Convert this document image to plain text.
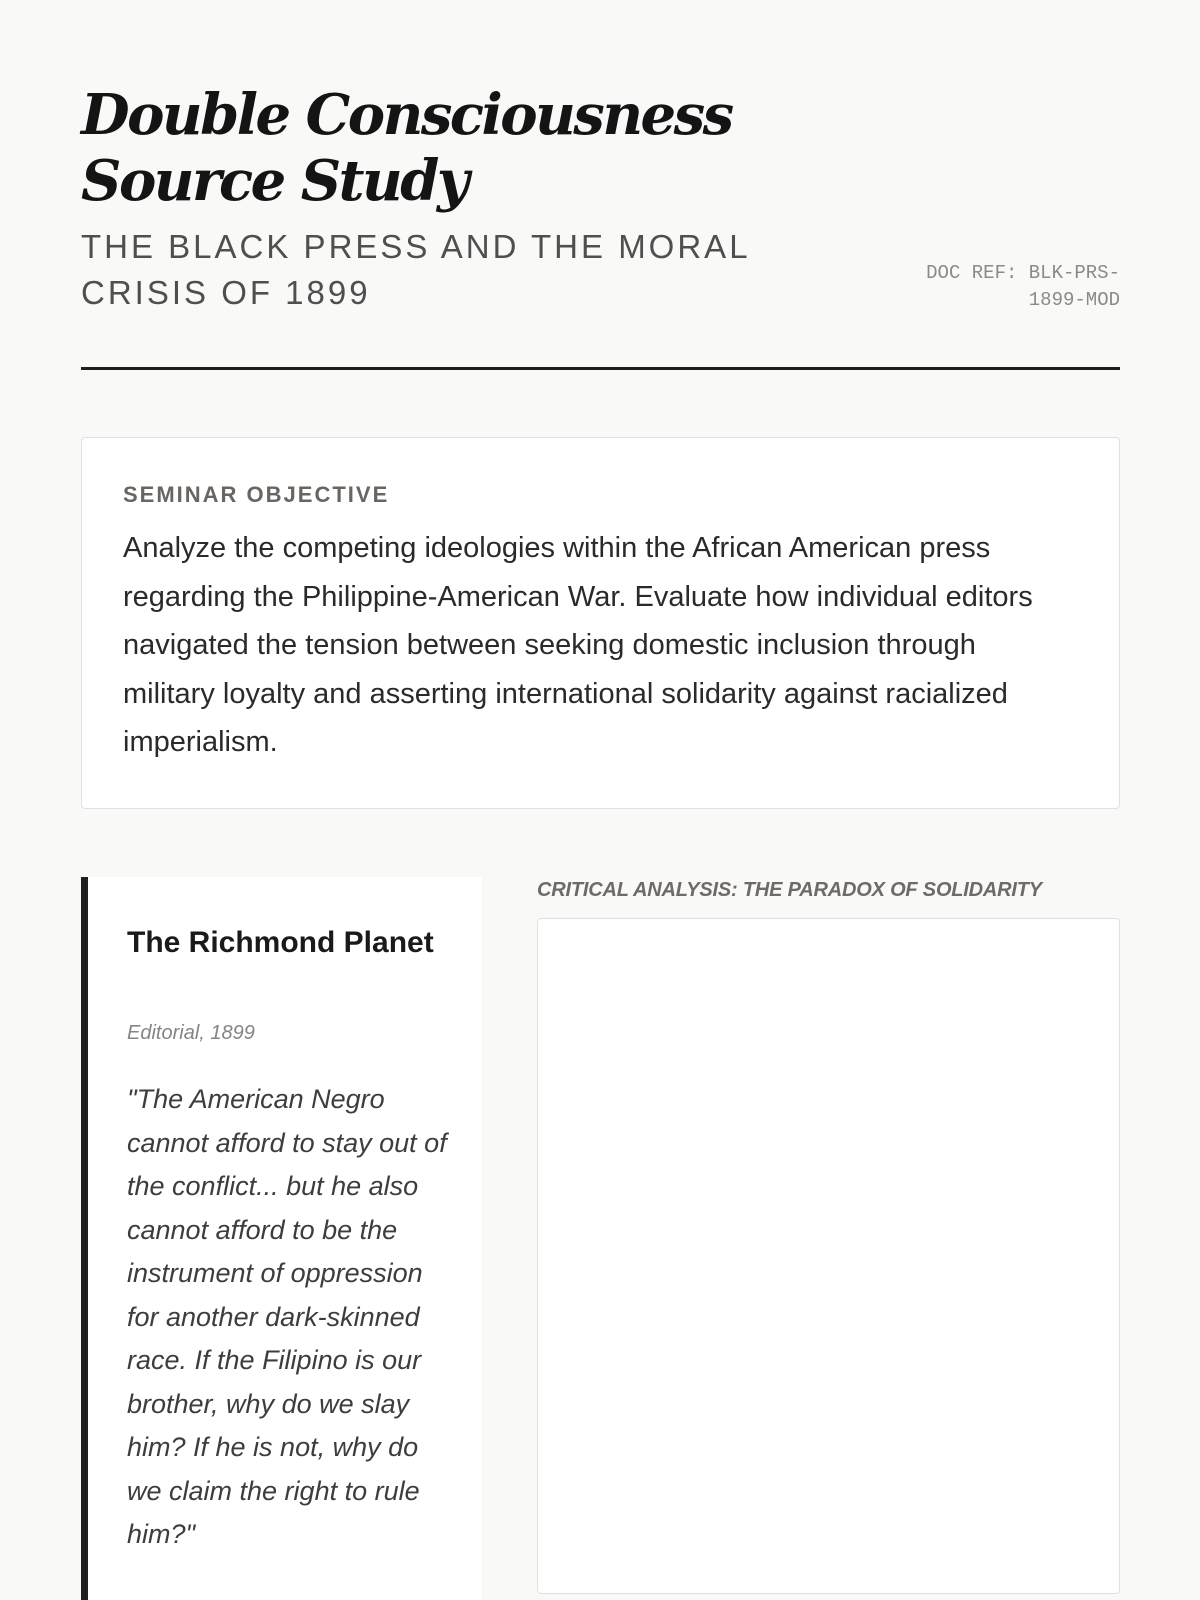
Double Consciousness Source Study
THE BLACK PRESS AND THE MORAL CRISIS OF 1899
DOC REF: BLK-PRS-1899-MOD
SEMINAR OBJECTIVE

Analyze the competing ideologies within the African American press regarding the Philippine-American War. Evaluate how individual editors navigated the tension between seeking domestic inclusion through military loyalty and asserting international solidarity against racialized imperialism.

The Richmond Planet
Editorial, 1899
"The American Negro cannot afford to stay out of the conflict... but he also cannot afford to be the instrument of oppression for another dark-skinned race. If the Filipino is our brother, why do we slay him? If he is not, why do we claim the right to rule him?"
CRITICAL ANALYSIS: THE PARADOX OF SOLIDARITY
